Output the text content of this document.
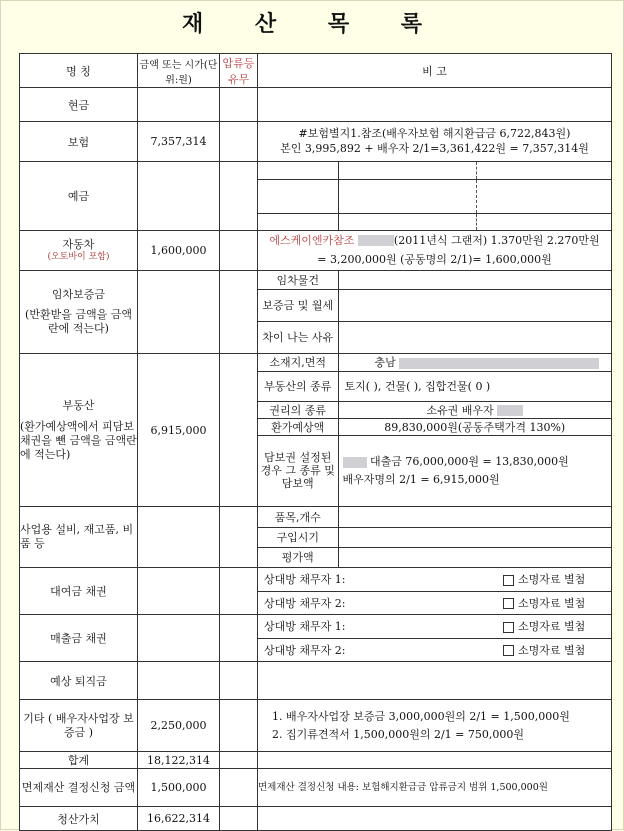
재 산 목 록
명 칭	금액 또는 시가(단위:원)	압류등 유무	비 고
현금			
보험	7,357,314		
#보험별지1.참조(배우자보험 해지환급금 6,722,843원)
본인 3,995,892 + 배우자 2/1=3,361,422원 = 7,357,314원

예금			

자동차
(오토바이 포함)	1,600,000		
에스케이엔카참조	(2011년식 그랜저) 1.370만원 2.270만원
= 3,200,000원 (공동명의 2/1)= 1,600,000원

임차보증금
(반환받을 금액을 금액란에 적는다)

임차물건	
보증금 및 월세	
차이 나는 사유	

부동산
(환가예상액에서 피담보채권을 뺀 금액을 금액란에 적는다)
	6,915,000		
소재지,면적	충남
부동산의 종류	토지( ), 건물( ), 집합건물( 0 )
권리의 종류	소유권 배우자
환가예상액	89,830,000원(공동주택가격 130%)
담보권 설정된 경우 그 종류 및 담보액	
대출금 76,000,000원 = 13,830,000원
배우자명의 2/1 = 6,915,000원

사업용 설비, 재고품, 비품 등			
품목,개수	
구입시기	
평가액	

대여금 채권			
상대방 채무자 1:	소명자료 별첨
상대방 채무자 2:	소명자료 별첨

매출금 채권			
상대방 채무자 1:	소명자료 별첨
상대방 채무자 2:	소명자료 별첨

예상 퇴직금			
기타 ( 배우자사업장 보증금 )	2,250,000		
1. 배우자사업장 보증금 3,000,000원의 2/1 = 1,500,000원
2. 집기류견적서 1,500,000원의 2/1 = 750,000원

합계	18,122,314		
면제재산 결정신청 금액	1,500,000		면제재산 결정신청 내용: 보험해지환급금 압류금지 범위 1,500,000원
청산가치	16,622,314		
